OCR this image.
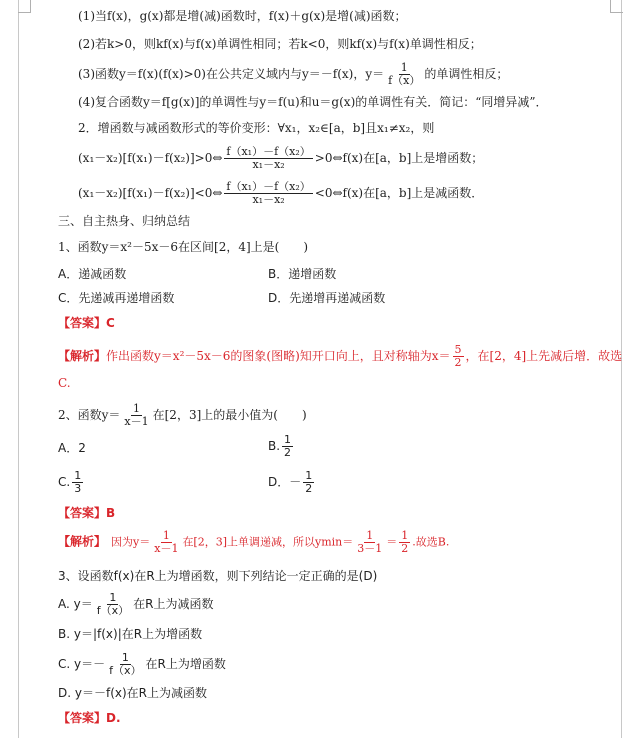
(1)当f(x)，g(x)都是增(减)函数时，f(x)＋g(x)是增(减)函数；
(2)若k>0，则kf(x)与f(x)单调性相同；若k<0，则kf(x)与f(x)单调性相反；
(3)函数y＝f(x)(f(x)>0)在公共定义域内与y＝－f(x)，$y= \frac{1}{f(x)}$ 的单调性相反；
(4)复合函数y＝f[g(x)]的单调性与y＝f(u)和u＝g(x)的单调性有关．简记：“同增异减”．
2．增函数与减函数形式的等价变形：∀x₁，x₂∈[a，b]且x₁≠x₂，则
(x₁－x₂)[f(x₁)－f(x₂)]>0⇔ $\frac{\text{f（x₁）－f（x₂）}}{\text{x₁－x₂}}$ >0⇔f(x)在[a，b]上是增函数；
(x₁－x₂)[f(x₁)－f(x₂)]<0⇔ $\frac{\text{f（x₁）－f（x₂）}}{\text{x₁－x₂}}$ <0⇔f(x)在[a，b]上是减函数．
三、自主热身、归纳总结
1、函数y＝x²－5x－6在区间[2，4]上是(　　)
A．递减函数	B．递增函数
C．先递减再递增函数	D．先递增再递减函数
【答案】C
【解析】作出函数y＝x²－5x－6的图象(图略)知开口向上，且对称轴为$x= \frac{5}{2}$ ，在[2，4]上先减后增．故选
C.
2、函数$y= \frac{1}{x-1}$ 在[2，3]上的最小值为(　　)
A．2	B. $\frac{1}{2}$
C. $\frac{1}{3}$	D．－ $\frac{1}{2}$
【答案】B
【解析】　 因为$y= \frac{1}{x-1}$ 在[2，3]上单调递减，所以$ymin= \frac{1}{3-1} = \frac{1}{2}$ .故选B.
3、设函数f(x)在R上为增函数，则下列结论一定正确的是(D)
A. $y= \frac{1}{f(x)}$ 在R上为减函数
B. y＝|f(x)|在R上为增函数
C. $y=- \frac{1}{f(x)}$ 在R上为增函数
D. y＝－f(x)在R上为减函数
【答案】D.
